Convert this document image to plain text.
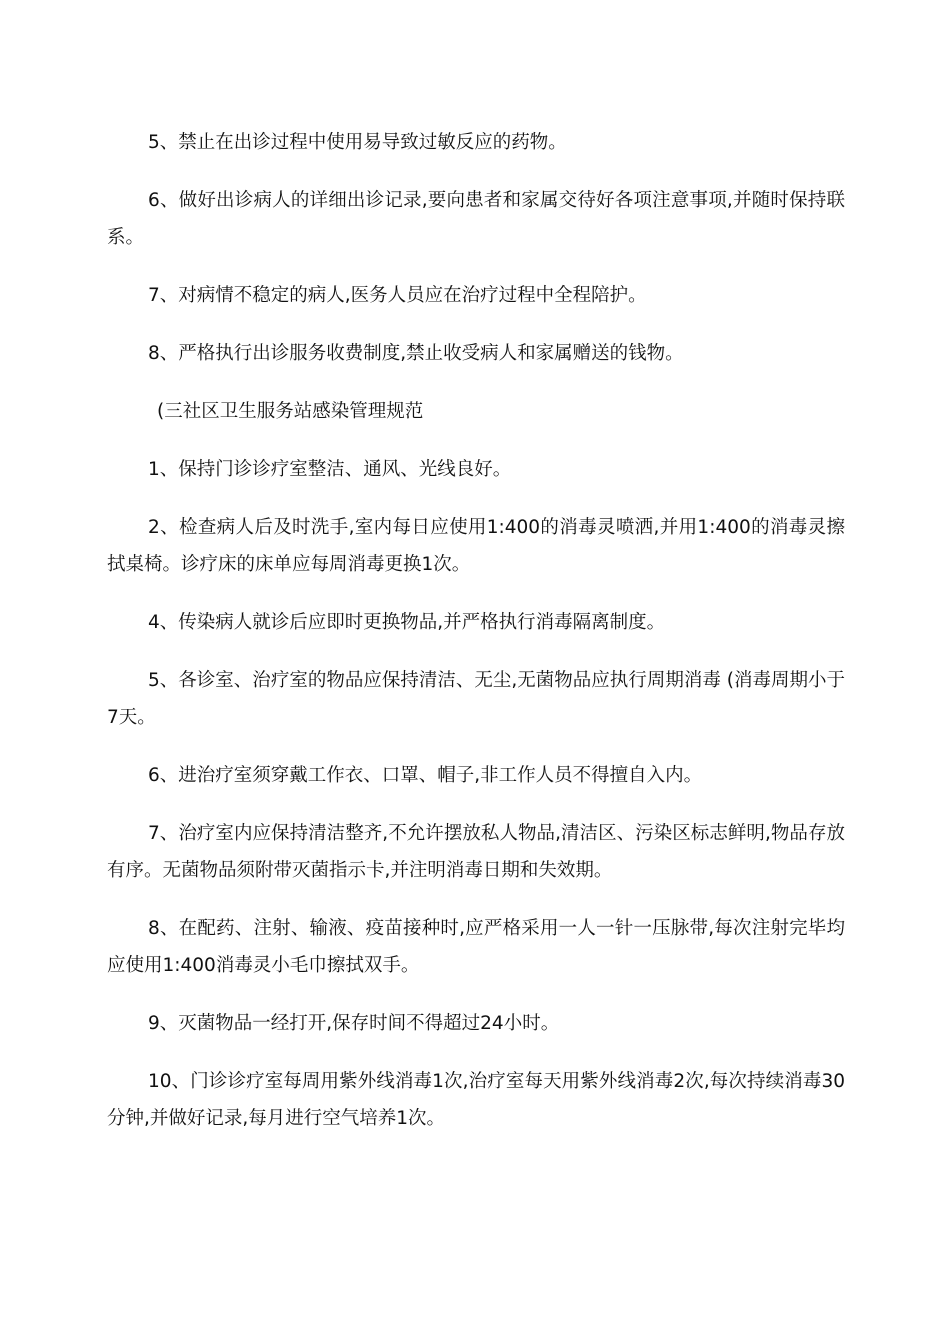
5、禁止在出诊过程中使用易导致过敏反应的药物。

6、做好出诊病人的详细出诊记录,要向患者和家属交待好各项注意事项,并随时保持联系。

7、对病情不稳定的病人,医务人员应在治疗过程中全程陪护。

8、严格执行出诊服务收费制度,禁止收受病人和家属赠送的钱物。

(三社区卫生服务站感染管理规范

1、保持门诊诊疗室整洁、通风、光线良好。

2、检查病人后及时洗手,室内每日应使用1:400的消毒灵喷洒,并用1:400的消毒灵擦拭桌椅。诊疗床的床单应每周消毒更换1次。

4、传染病人就诊后应即时更换物品,并严格执行消毒隔离制度。

5、各诊室、治疗室的物品应保持清洁、无尘,无菌物品应执行周期消毒 (消毒周期小于7天。

6、进治疗室须穿戴工作衣、口罩、帽子,非工作人员不得擅自入内。

7、治疗室内应保持清洁整齐,不允许摆放私人物品,清洁区、污染区标志鲜明,物品存放有序。无菌物品须附带灭菌指示卡,并注明消毒日期和失效期。

8、在配药、注射、输液、疫苗接种时,应严格采用一人一针一压脉带,每次注射完毕均应使用1:400消毒灵小毛巾擦拭双手。

9、灭菌物品一经打开,保存时间不得超过24小时。

10、门诊诊疗室每周用紫外线消毒1次,治疗室每天用紫外线消毒2次,每次持续消毒30分钟,并做好记录,每月进行空气培养1次。
